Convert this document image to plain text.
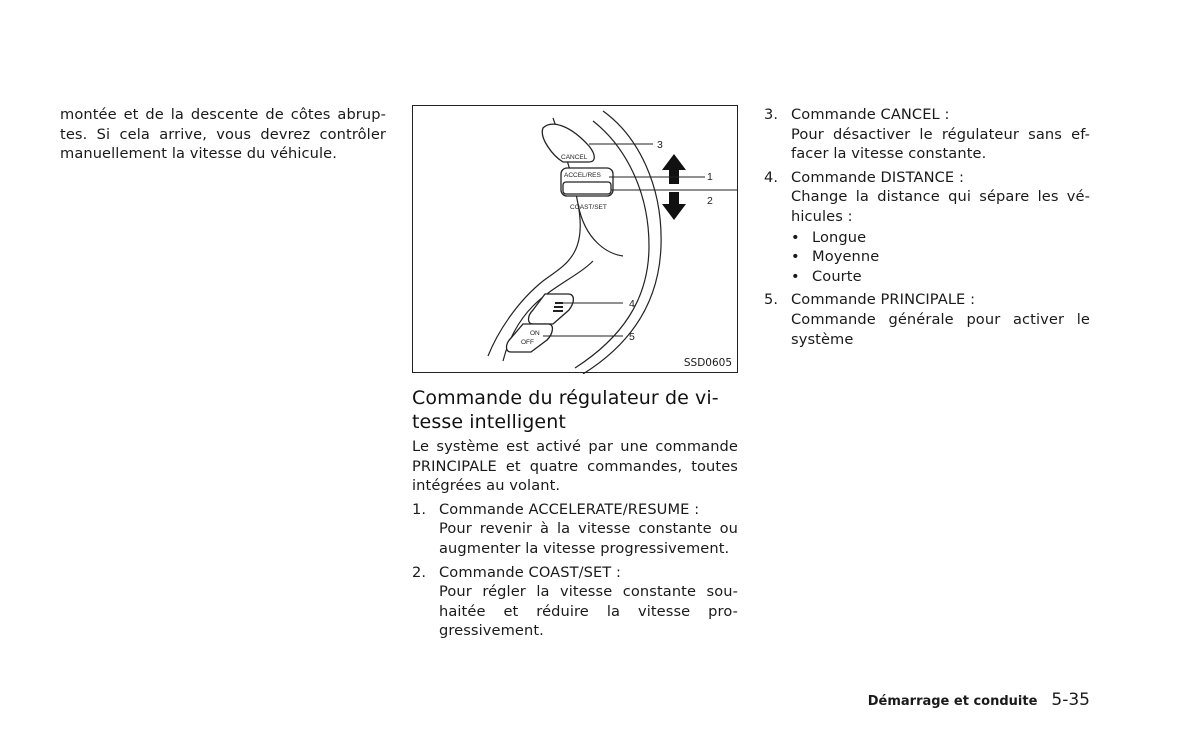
montée et de la descente de côtes abrup-tes. Si cela arrive, vous devrez contrôler manuellement la vitesse du véhicule.	CANCEL
ACCEL/RES
COAST/SET
ON
OFF
3
1
2
4
5
SSD0605
Commande du régulateur de vi-tesse intelligent

Le système est activé par une commande PRINCIPALE et quatre commandes, toutes intégrées au volant.

1. Commande ACCELERATE/RESUME :

Pour revenir à la vitesse constante ou augmenter la vitesse progressivement.

2. Commande COAST/SET :

Pour régler la vitesse constante sou-haitée et réduire la vitesse pro-gressivement.

3. Commande CANCEL :

Pour désactiver le régulateur sans ef-facer la vitesse constante.

4. Commande DISTANCE :

Change la distance qui sépare les vé-hicules :

• Longue
• Moyenne
• Courte
5. Commande PRINCIPALE :

Commande générale pour activer le système

Démarrage et conduite 5-35
